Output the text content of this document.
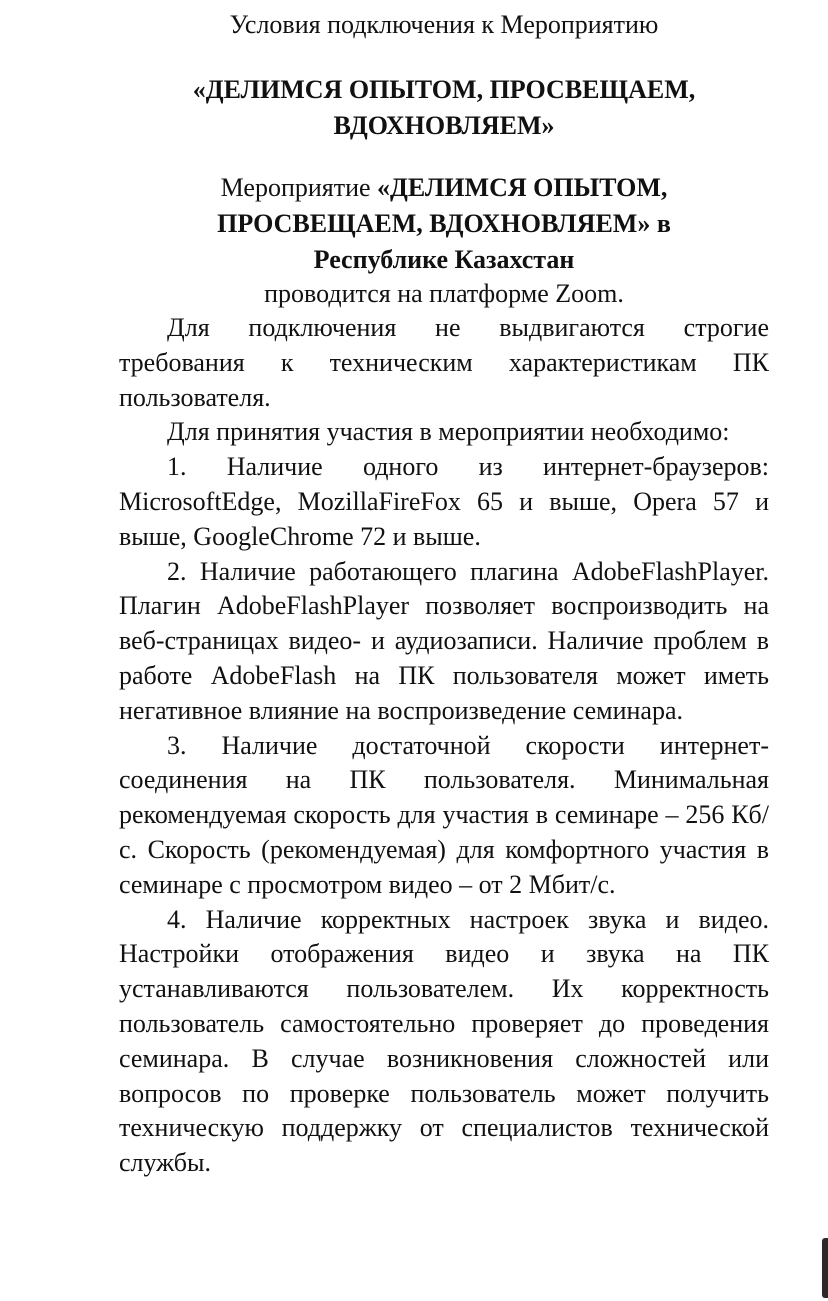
Условия подключения к Мероприятию
«ДЕЛИМСЯ ОПЫТОМ, ПРОСВЕЩАЕМ, ВДОХНОВЛЯЕМ»
Мероприятие «ДЕЛИМСЯ ОПЫТОМ, ПРОСВЕЩАЕМ, ВДОХНОВЛЯЕМ» в Республике Казахстан
проводится на платформе Zoom.

Для подключения не выдвигаются строгие требования к техническим характеристикам ПК пользователя.

Для принятия участия в мероприятии необходимо:

1. Наличие одного из интернет-браузеров: MicrosoftEdge, MozillaFireFox 65 и выше, Opera 57 и выше, GoogleChrome 72 и выше.

2. Наличие работающего плагина AdobeFlashPlayer. Плагин AdobeFlashPlayer позволяет воспроизводить на веб-страницах видео- и аудиозаписи. Наличие проблем в работе AdobeFlash на ПК пользователя может иметь негативное влияние на воспроизведение семинара.

3. Наличие достаточной скорости интернет-соединения на ПК пользователя. Минимальная рекомендуемая скорость для участия в семинаре – 256 Кб/с. Скорость (рекомендуемая) для комфортного участия в семинаре с просмотром видео – от 2 Мбит/с.

4. Наличие корректных настроек звука и видео. Настройки отображения видео и звука на ПК устанавливаются пользователем. Их корректность пользователь самостоятельно проверяет до проведения семинара. В случае возникновения сложностей или вопросов по проверке пользователь может получить техническую поддержку от специалистов технической службы.
